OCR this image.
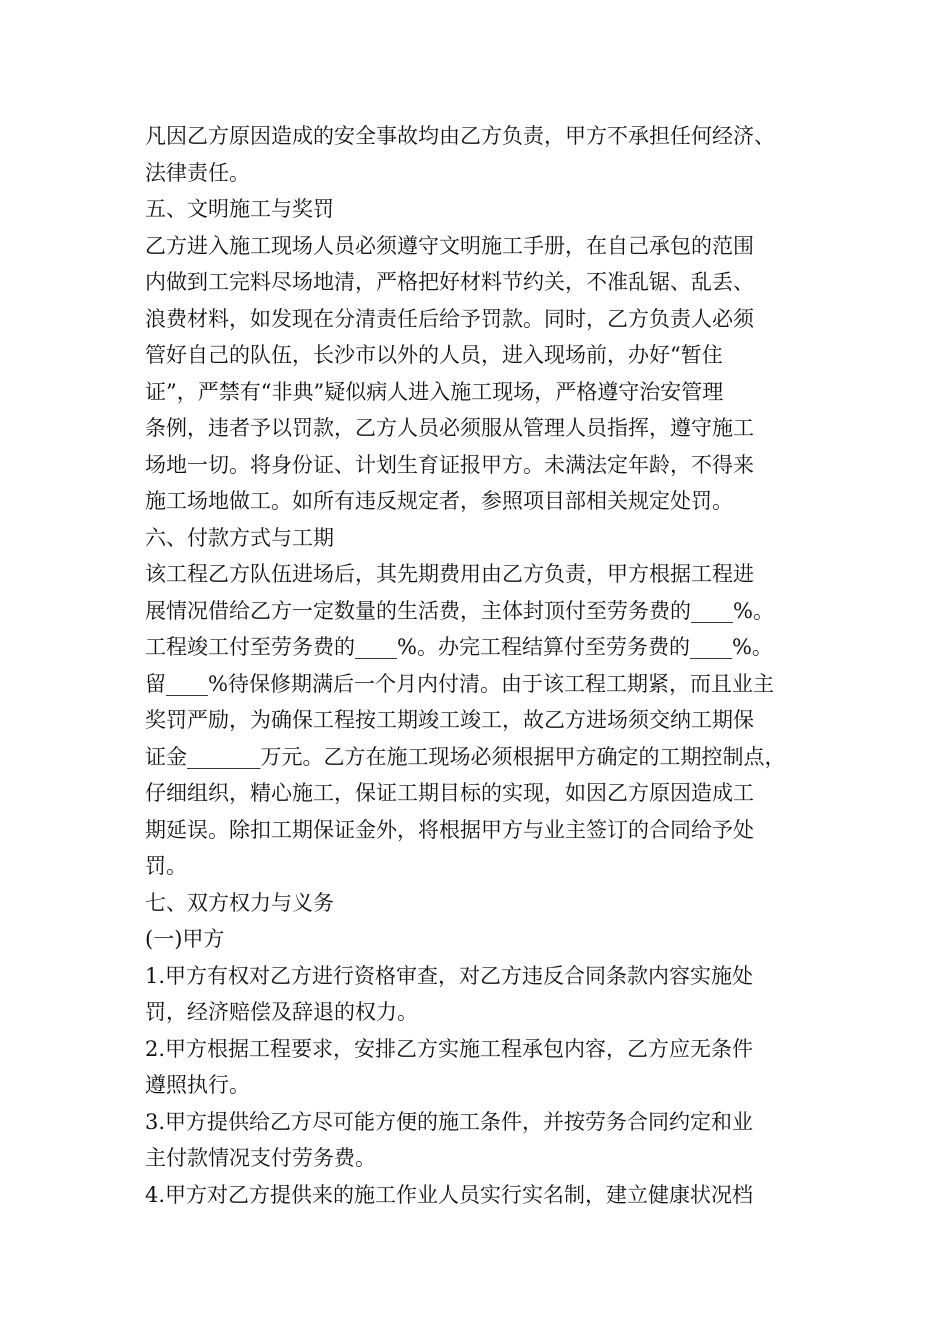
凡因乙方原因造成的安全事故均由乙方负责，甲方不承担任何经济、
法律责任。
五、文明施工与奖罚
乙方进入施工现场人员必须遵守文明施工手册，在自己承包的范围
内做到工完料尽场地清，严格把好材料节约关，不准乱锯、乱丢、
浪费材料，如发现在分清责任后给予罚款。同时，乙方负责人必须
管好自己的队伍，长沙市以外的人员，进入现场前，办好“暂住
证”，严禁有“非典”疑似病人进入施工现场，严格遵守治安管理
条例，违者予以罚款，乙方人员必须服从管理人员指挥，遵守施工
场地一切。将身份证、计划生育证报甲方。未满法定年龄，不得来
施工场地做工。如所有违反规定者，参照项目部相关规定处罚。
六、付款方式与工期
该工程乙方队伍进场后，其先期费用由乙方负责，甲方根据工程进
展情况借给乙方一定数量的生活费，主体封顶付至劳务费的____%。
工程竣工付至劳务费的____%。办完工程结算付至劳务费的____%。
留____%待保修期满后一个月内付清。由于该工程工期紧，而且业主
奖罚严励，为确保工程按工期竣工竣工，故乙方进场须交纳工期保
证金_______万元。乙方在施工现场必须根据甲方确定的工期控制点，
仔细组织，精心施工，保证工期目标的实现，如因乙方原因造成工
期延误。除扣工期保证金外，将根据甲方与业主签订的合同给予处
罚。
七、双方权力与义务
(一)甲方
1.甲方有权对乙方进行资格审查，对乙方违反合同条款内容实施处
罚，经济赔偿及辞退的权力。
2.甲方根据工程要求，安排乙方实施工程承包内容，乙方应无条件
遵照执行。
3.甲方提供给乙方尽可能方便的施工条件，并按劳务合同约定和业
主付款情况支付劳务费。
4.甲方对乙方提供来的施工作业人员实行实名制，建立健康状况档
